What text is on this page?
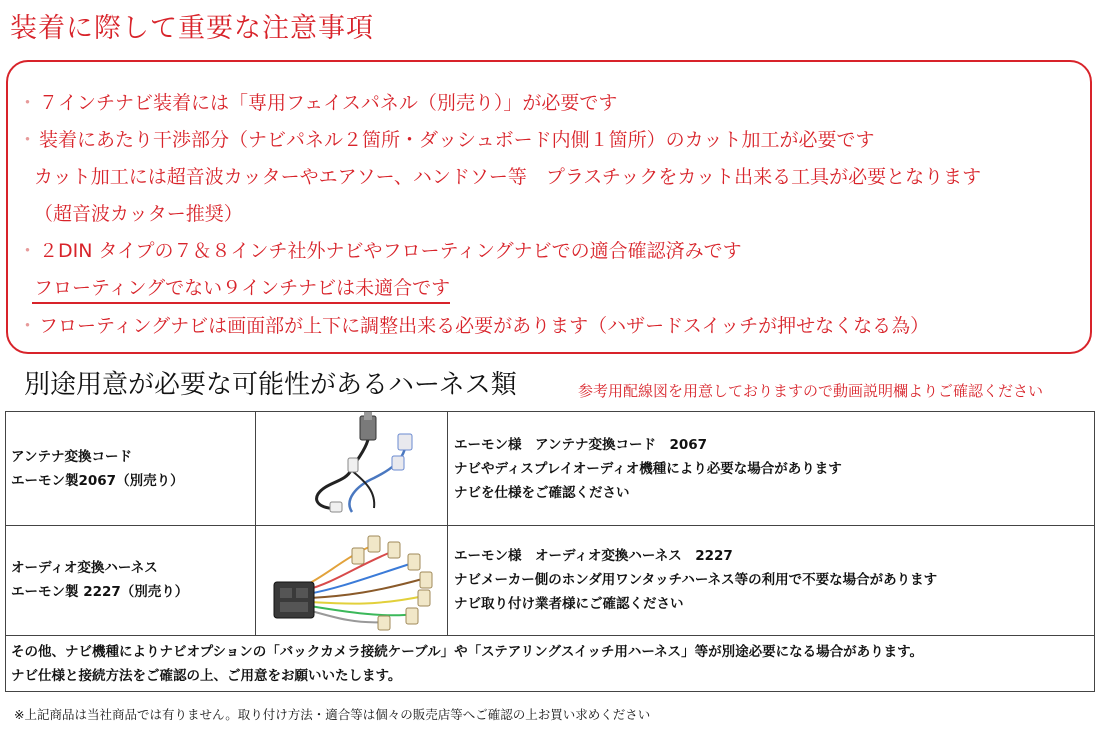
装着に際して重要な注意事項
・ ７インチナビ装着には「専用フェイスパネル（別売り）」が必要です
・ 装着にあたり干渉部分（ナビパネル２箇所・ダッシュボード内側１箇所）のカット加工が必要です
カット加工には超音波カッターやエアソー、ハンドソー等　プラスチックをカット出来る工具が必要となります
（超音波カッター推奨）
・ ２DIN タイプの７＆８インチ社外ナビやフローティングナビでの適合確認済みです
フローティングでない９インチナビは未適合です
・ フローティングナビは画面部が上下に調整出来る必要があります（ハザードスイッチが押せなくなる為）
別途用意が必要な可能性があるハーネス類	参考用配線図を用意しておりますので動画説明欄よりご確認ください
アンテナ変換コード
エーモン製2067（別売り）
エーモン様　アンテナ変換コード　2067
ナビやディスプレイオーディオ機種により必要な場合があります
ナビを仕様をご確認ください
オーディオ変換ハーネス
エーモン製 2227（別売り）
エーモン様　オーディオ変換ハーネス　2227
ナビメーカー側のホンダ用ワンタッチハーネス等の利用で不要な場合があります
ナビ取り付け業者様にご確認ください
その他、ナビ機種によりナビオプションの「バックカメラ接続ケーブル」や「ステアリングスイッチ用ハーネス」等が別途必要になる場合があります。
ナビ仕様と接続方法をご確認の上、ご用意をお願いいたします。
※上記商品は当社商品では有りません。取り付け方法・適合等は個々の販売店等へご確認の上お買い求めください
